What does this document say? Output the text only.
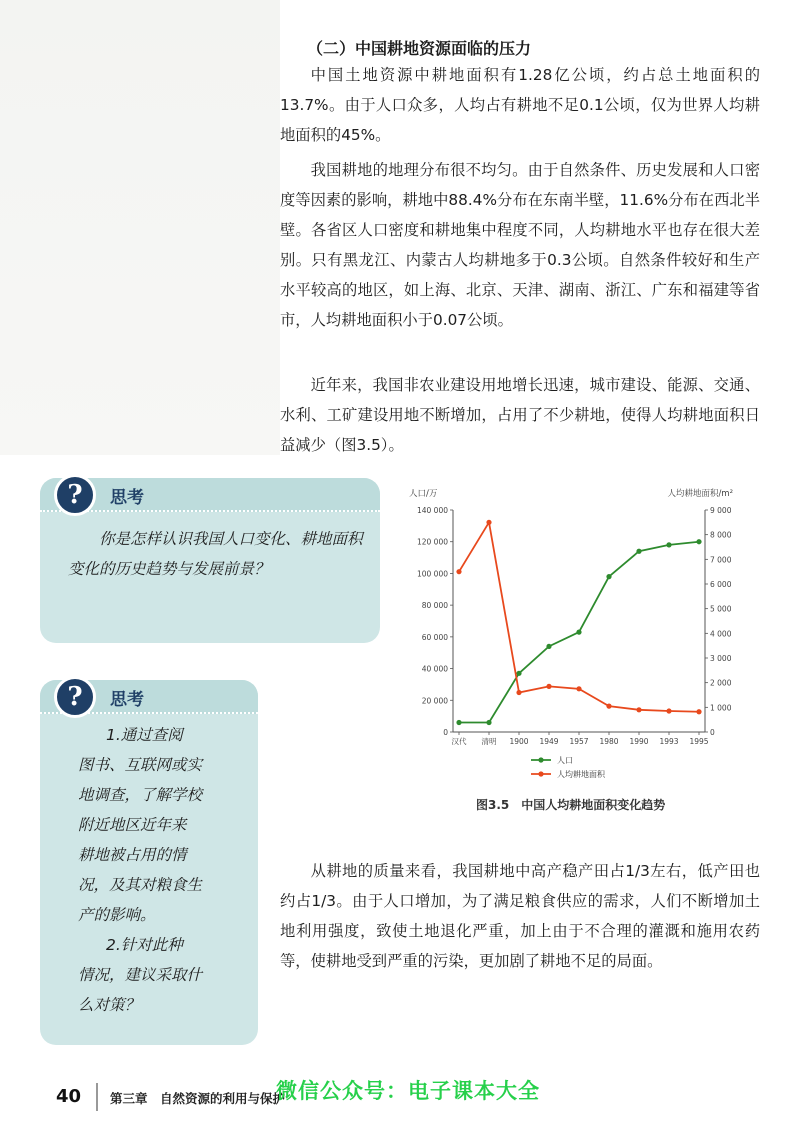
（二）中国耕地资源面临的压力

中国土地资源中耕地面积有1.28亿公顷，约占总土地面积的13.7%。由于人口众多，人均占有耕地不足0.1公顷，仅为世界人均耕地面积的45%。

我国耕地的地理分布很不均匀。由于自然条件、历史发展和人口密度等因素的影响，耕地中88.4%分布在东南半壁，11.6%分布在西北半壁。各省区人口密度和耕地集中程度不同，人均耕地水平也存在很大差别。只有黑龙江、内蒙古人均耕地多于0.3公顷。自然条件较好和生产水平较高的地区，如上海、北京、天津、湖南、浙江、广东和福建等省市，人均耕地面积小于0.07公顷。

近年来，我国非农业建设用地增长迅速，城市建设、能源、交通、水利、工矿建设用地不断增加，占用了不少耕地，使得人均耕地面积日益减少（图3.5）。

?	思考

你是怎样认识我国人口变化、耕地面积变化的历史趋势与发展前景？

?	思考

1.通过查阅

图书、互联网或实

地调查，了解学校

附近地区近年来

耕地被占用的情

况，及其对粮食生

产的影响。

2.针对此种

情况，建议采取什

么对策？

人口/万	人均耕地面积/m²
0
20 000
40 000
60 000
80 000
100 000
120 000
140 000
0
1 000
2 000
3 000
4 000
5 000
6 000
7 000
8 000
9 000
汉代 清明 1900 1949 1957 1980 1990 1993 1995
人口
人均耕地面积
图3.5　中国人均耕地面积变化趋势

从耕地的质量来看，我国耕地中高产稳产田占1/3左右，低产田也约占1/3。由于人口增加，为了满足粮食供应的需求，人们不断增加土地利用强度，致使土地退化严重，加上由于不合理的灌溉和施用农药等，使耕地受到严重的污染，更加剧了耕地不足的局面。

40 第三章　自然资源的利用与保护
微信公众号：电子课本大全
